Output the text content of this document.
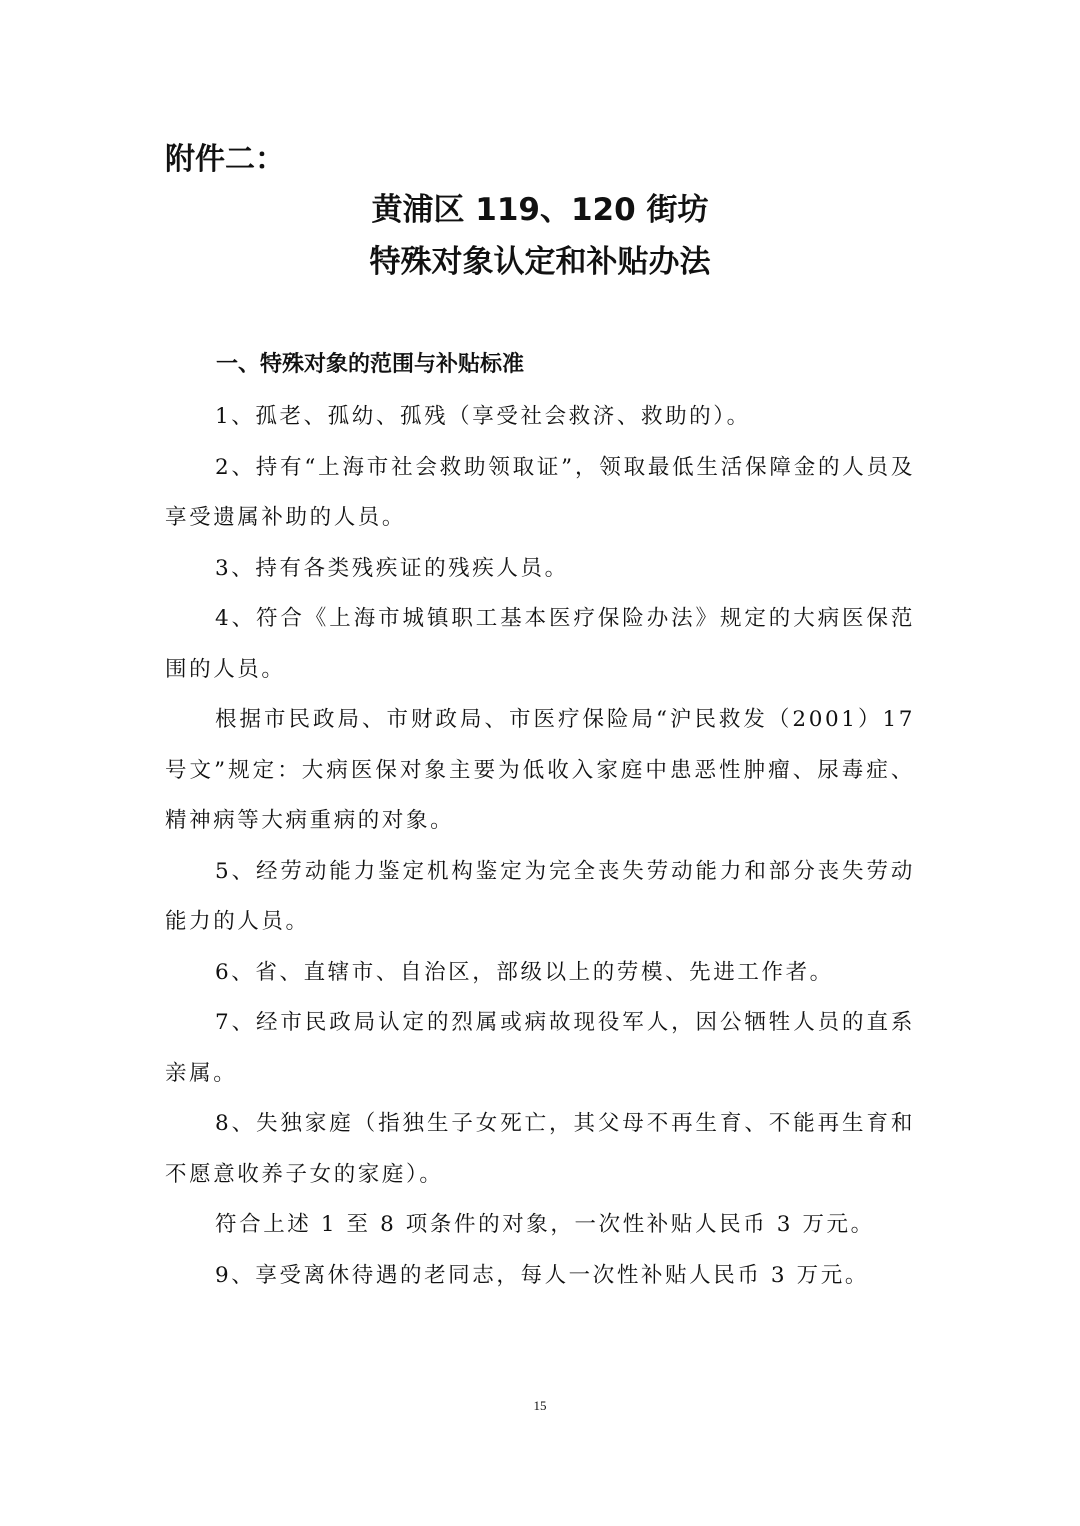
附件二：

黄浦区 119、120 街坊
特殊对象认定和补贴办法
一、特殊对象的范围与补贴标准

1、孤老、孤幼、孤残（享受社会救济、救助的）。

2、持有“上海市社会救助领取证”，领取最低生活保障金的人员及享受遗属补助的人员。

3、持有各类残疾证的残疾人员。

4、符合《上海市城镇职工基本医疗保险办法》规定的大病医保范围的人员。

根据市民政局、市财政局、市医疗保险局“沪民救发（2001）17 号文”规定：大病医保对象主要为低收入家庭中患恶性肿瘤、尿毒症、精神病等大病重病的对象。

5、经劳动能力鉴定机构鉴定为完全丧失劳动能力和部分丧失劳动能力的人员。

6、省、直辖市、自治区，部级以上的劳模、先进工作者。

7、经市民政局认定的烈属或病故现役军人，因公牺牲人员的直系亲属。

8、失独家庭（指独生子女死亡，其父母不再生育、不能再生育和不愿意收养子女的家庭）。

符合上述 1 至 8 项条件的对象，一次性补贴人民币 3 万元。

9、享受离休待遇的老同志，每人一次性补贴人民币 3 万元。

15
